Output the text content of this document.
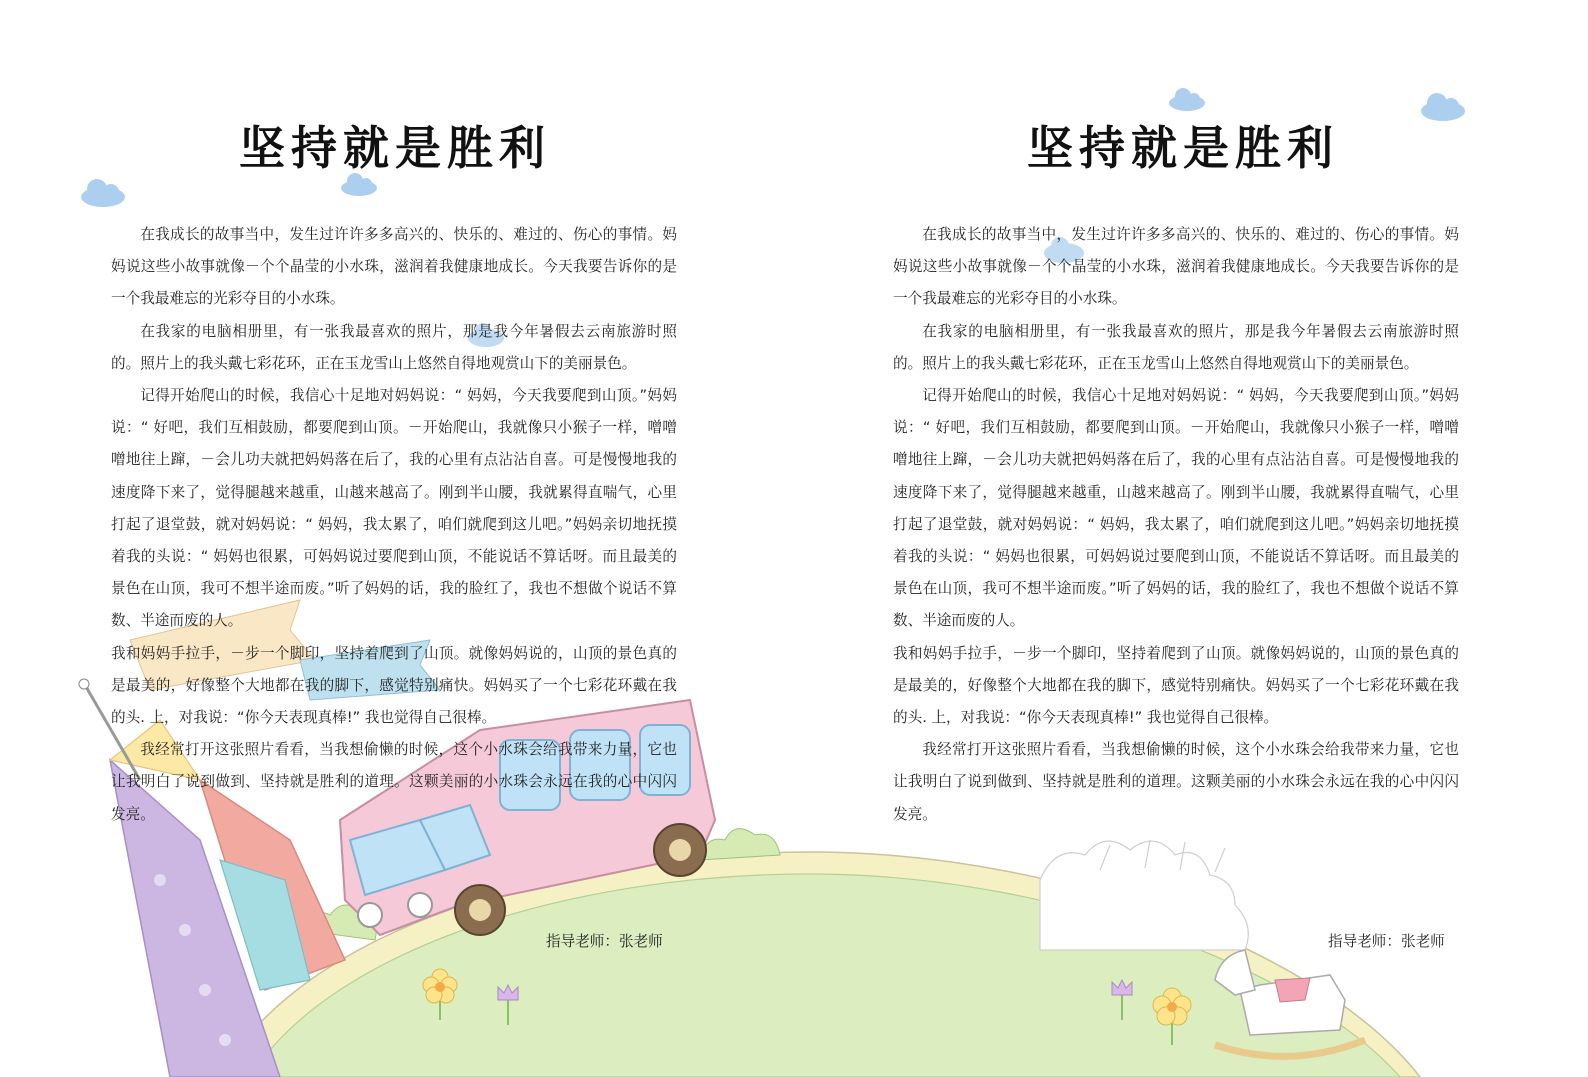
坚持就是胜利

在我成长的故事当中，发生过许许多多高兴的、快乐的、难过的、伤心的事情。妈妈说这些小故事就像－个个晶莹的小水珠，滋润着我健康地成长。今天我要告诉你的是一个我最难忘的光彩夺目的小水珠。

在我家的电脑相册里，有一张我最喜欢的照片，那是我今年暑假去云南旅游时照的。照片上的我头戴七彩花环，正在玉龙雪山上悠然自得地观赏山下的美丽景色。

记得开始爬山的时候，我信心十足地对妈妈说：“ 妈妈，今天我要爬到山顶。”妈妈说：“ 好吧，我们互相鼓励，都要爬到山顶。－开始爬山，我就像只小猴子一样，噌噌噌地往上蹿，－会儿功夫就把妈妈落在后了，我的心里有点沾沾自喜。可是慢慢地我的速度降下来了，觉得腿越来越重，山越来越高了。刚到半山腰，我就累得直喘气，心里打起了退堂鼓，就对妈妈说：“ 妈妈，我太累了，咱们就爬到这儿吧。”妈妈亲切地抚摸着我的头说：“ 妈妈也很累，可妈妈说过要爬到山顶，不能说话不算话呀。而且最美的景色在山顶，我可不想半途而废。”听了妈妈的话，我的脸红了，我也不想做个说话不算数、半途而废的人。

我和妈妈手拉手，－步一个脚印，坚持着爬到了山顶。就像妈妈说的，山顶的景色真的是最美的，好像整个大地都在我的脚下，感觉特别痛快。妈妈买了一个七彩花环戴在我的头. 上，对我说：“你今天表现真棒!” 我也觉得自己很棒。

我经常打开这张照片看看，当我想偷懒的时候，这个小水珠会给我带来力量，它也让我明白了说到做到、坚持就是胜利的道理。这颗美丽的小水珠会永远在我的心中闪闪发亮。

指导老师：张老师
坚持就是胜利

在我成长的故事当中，发生过许许多多高兴的、快乐的、难过的、伤心的事情。妈妈说这些小故事就像－个个晶莹的小水珠，滋润着我健康地成长。今天我要告诉你的是一个我最难忘的光彩夺目的小水珠。

在我家的电脑相册里，有一张我最喜欢的照片，那是我今年暑假去云南旅游时照的。照片上的我头戴七彩花环，正在玉龙雪山上悠然自得地观赏山下的美丽景色。

记得开始爬山的时候，我信心十足地对妈妈说：“ 妈妈，今天我要爬到山顶。”妈妈说：“ 好吧，我们互相鼓励，都要爬到山顶。－开始爬山，我就像只小猴子一样，噌噌噌地往上蹿，－会儿功夫就把妈妈落在后了，我的心里有点沾沾自喜。可是慢慢地我的速度降下来了，觉得腿越来越重，山越来越高了。刚到半山腰，我就累得直喘气，心里打起了退堂鼓，就对妈妈说：“ 妈妈，我太累了，咱们就爬到这儿吧。”妈妈亲切地抚摸着我的头说：“ 妈妈也很累，可妈妈说过要爬到山顶，不能说话不算话呀。而且最美的景色在山顶，我可不想半途而废。”听了妈妈的话，我的脸红了，我也不想做个说话不算数、半途而废的人。

我和妈妈手拉手，－步一个脚印，坚持着爬到了山顶。就像妈妈说的，山顶的景色真的是最美的，好像整个大地都在我的脚下，感觉特别痛快。妈妈买了一个七彩花环戴在我的头. 上，对我说：“你今天表现真棒!” 我也觉得自己很棒。

我经常打开这张照片看看，当我想偷懒的时候，这个小水珠会给我带来力量，它也让我明白了说到做到、坚持就是胜利的道理。这颗美丽的小水珠会永远在我的心中闪闪发亮。

指导老师：张老师
